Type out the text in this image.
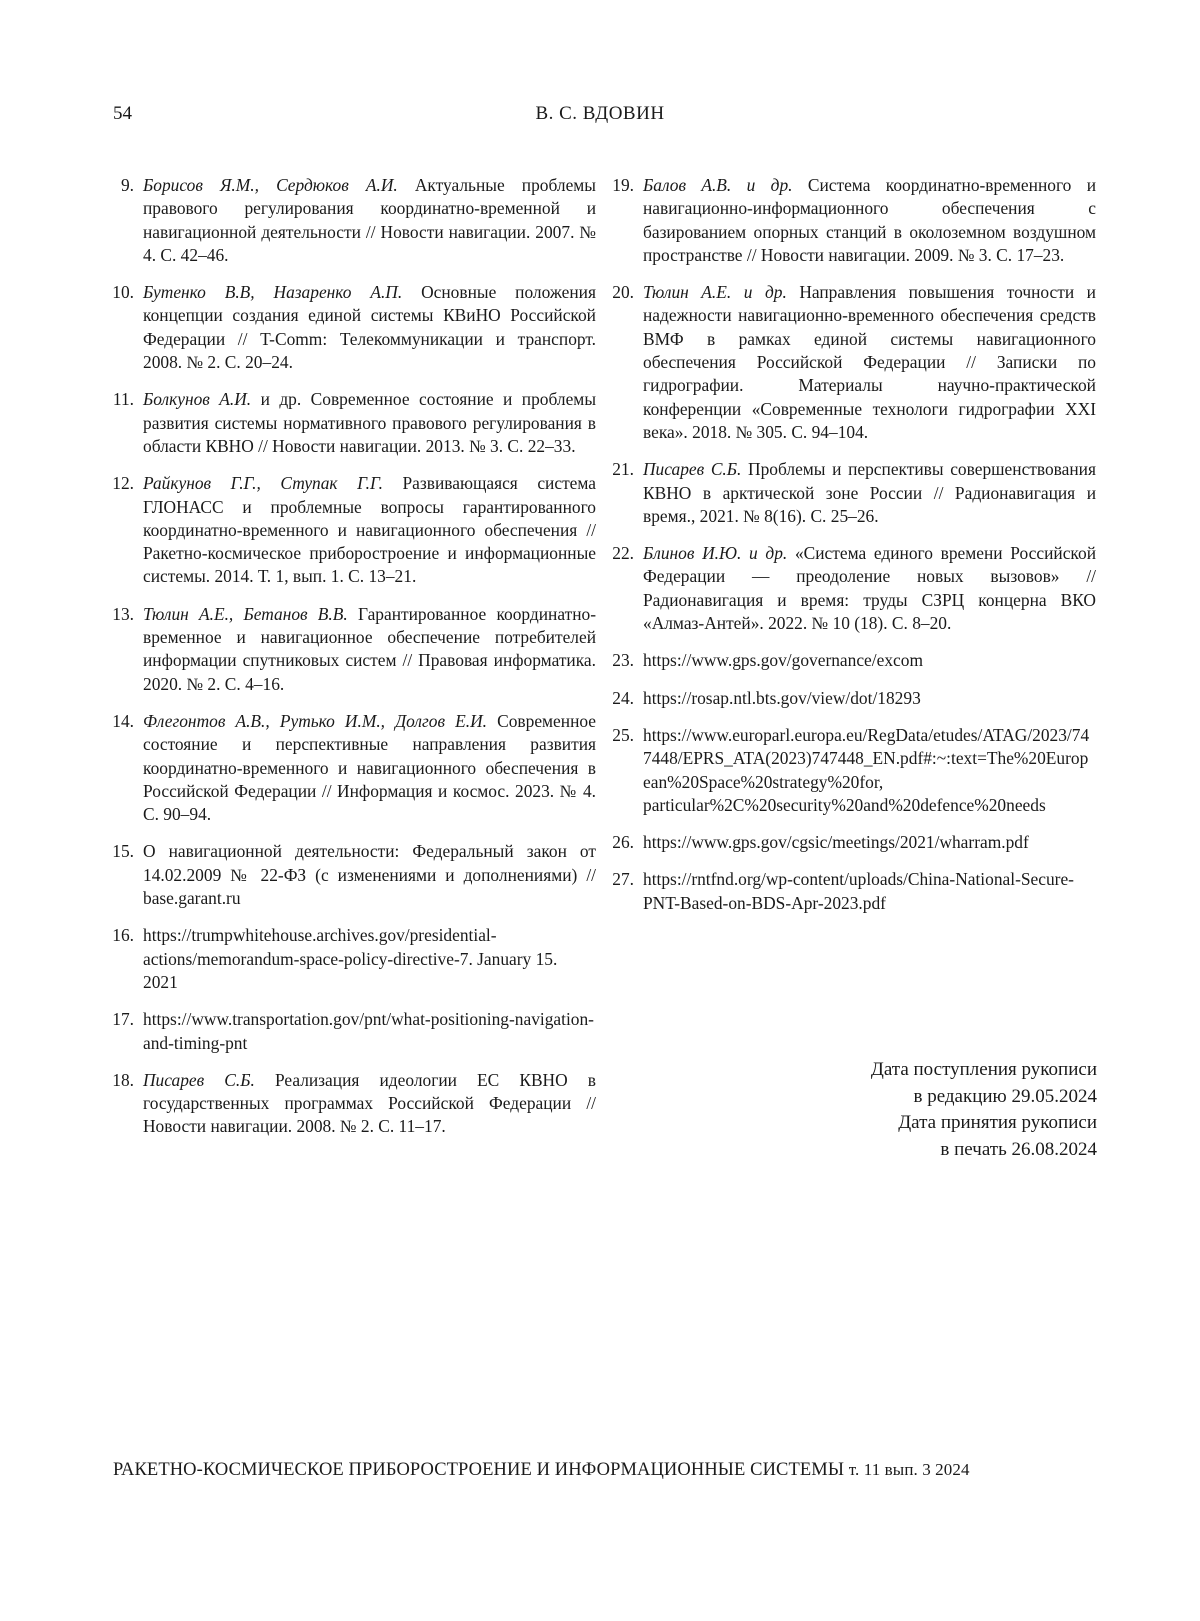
54	В. С. ВДОВИН
9. Борисов Я.М., Сердюков А.И. Актуальные проблемы правового регулирования координатно-временной и навигационной деятельности // Новости навигации. 2007. № 4. С. 42–46.
10. Бутенко В.В, Назаренко А.П. Основные положения концепции создания единой системы КВиНО Российской Федерации // T-Comm: Телекоммуникации и транспорт. 2008. № 2. С. 20–24.
11. Болкунов А.И. и др. Современное состояние и проблемы развития системы нормативного правового регулирования в области КВНО // Новости навигации. 2013. № 3. С. 22–33.
12. Райкунов Г.Г., Ступак Г.Г. Развивающаяся система ГЛОНАСС и проблемные вопросы гарантированного координатно-временного и навигационного обеспечения // Ракетно-космическое приборостроение и информационные системы. 2014. Т. 1, вып. 1. С. 13–21.
13. Тюлин А.Е., Бетанов В.В. Гарантированное координатно-временное и навигационное обеспечение потребителей информации спутниковых систем // Правовая информатика. 2020. № 2. С. 4–16.
14. Флегонтов А.В., Рутько И.М., Долгов Е.И. Современное состояние и перспективные направления развития координатно-временного и навигационного обеспечения в Российской Федерации // Информация и космос. 2023. № 4. С. 90–94.
15. О навигационной деятельности: Федеральный закон от 14.02.2009 № 22-ФЗ (с изменениями и дополнениями) // base.garant.ru
16. https://trumpwhitehouse.archives.gov/presidential-actions/memorandum-space-policy-directive-7. January 15. 2021
17. https://www.transportation.gov/pnt/what-positioning-navigation-and-timing-pnt
18. Писарев С.Б. Реализация идеологии ЕС КВНО в государственных программах Российской Федерации // Новости навигации. 2008. № 2. С. 11–17.
19. Балов А.В. и др. Система координатно-временного и навигационно-информационного обеспечения с базированием опорных станций в околоземном воздушном пространстве // Новости навигации. 2009. № 3. С. 17–23.
20. Тюлин А.Е. и др. Направления повышения точности и надежности навигационно-временного обеспечения средств ВМФ в рамках единой системы навигационного обеспечения Российской Федерации // Записки по гидрографии. Материалы научно-практической конференции «Современные технологи гидрографии XXI века». 2018. № 305. С. 94–104.
21. Писарев С.Б. Проблемы и перспективы совершенствования КВНО в арктической зоне России // Радионавигация и время., 2021. № 8(16). С. 25–26.
22. Блинов И.Ю. и др. «Система единого времени Российской Федерации — преодоление новых вызовов» // Радионавигация и время: труды СЗРЦ концерна ВКО «Алмаз-Антей». 2022. № 10 (18). С. 8–20.
23. https://www.gps.gov/governance/excom
24. https://rosap.ntl.bts.gov/view/dot/18293
25. https://www.europarl.europa.eu/RegData/etudes/ATAG/2023/747448/EPRS_ATA(2023)747448_EN.pdf#:~:text=The%20European%20Space%20strategy%20for, particular%2C%20security%20and%20defence%20needs
26. https://www.gps.gov/cgsic/meetings/2021/wharram.pdf
27. https://rntfnd.org/wp-content/uploads/China-National-Secure-PNT-Based-on-BDS-Apr-2023.pdf
Дата поступления рукописи
в редакцию 29.05.2024
Дата принятия рукописи
в печать 26.08.2024
РАКЕТНО-КОСМИЧЕСКОЕ ПРИБОРОСТРОЕНИЕ И ИНФОРМАЦИОННЫЕ СИСТЕМЫ т. 11 вып. 3 2024
